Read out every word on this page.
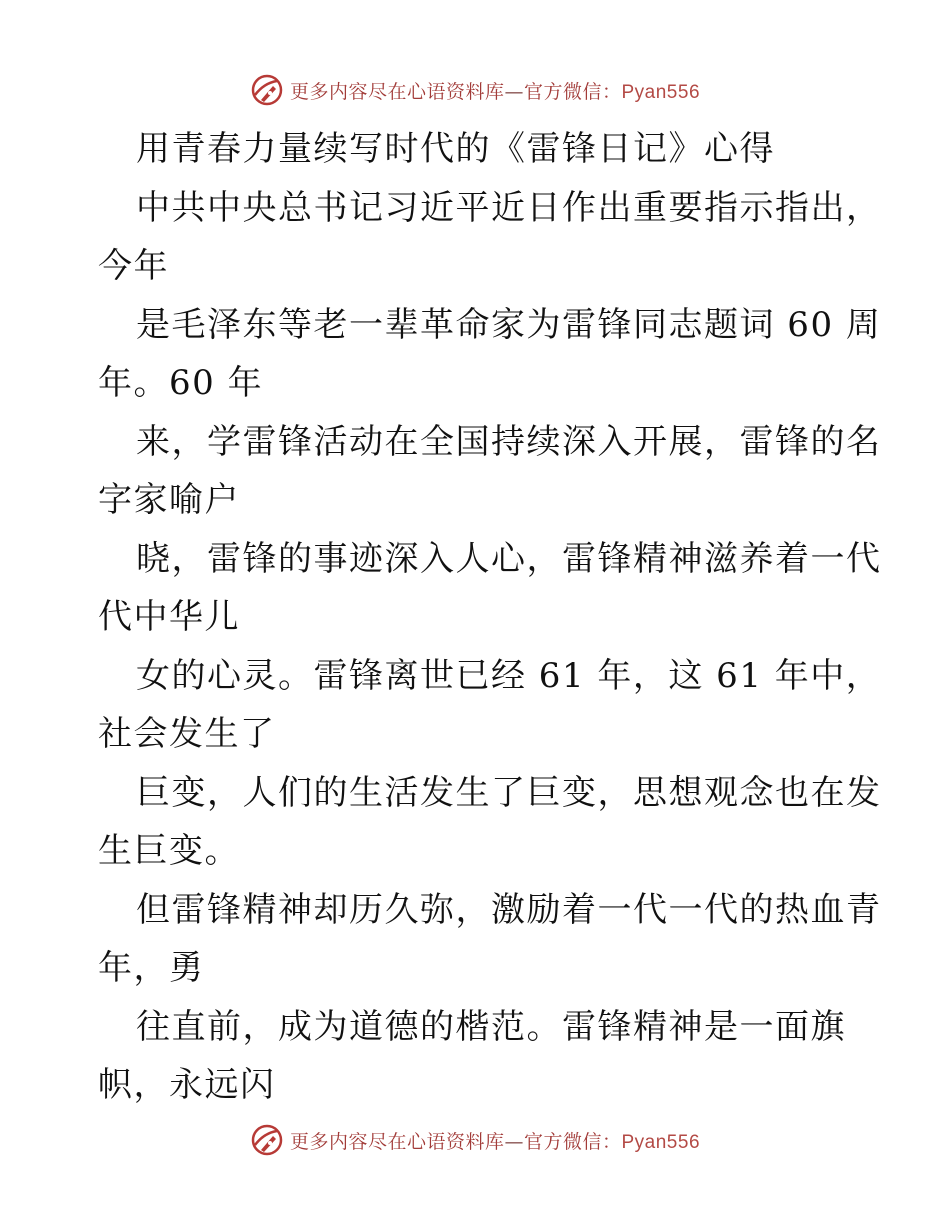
更多内容尽在心语资料库—官方微信：Pyan556
用青春力量续写时代的《雷锋日记》心得
中共中央总书记习近平近日作出重要指示指出，
今年
是毛泽东等老一辈革命家为雷锋同志题词 60 周
年。60 年
来，学雷锋活动在全国持续深入开展，雷锋的名
字家喻户
晓，雷锋的事迹深入人心，雷锋精神滋养着一代
代中华儿
女的心灵。雷锋离世已经 61 年，这 61 年中，
社会发生了
巨变，人们的生活发生了巨变，思想观念也在发
生巨变。
但雷锋精神却历久弥，激励着一代一代的热血青
年，勇
往直前，成为道德的楷范。雷锋精神是一面旗
帜，永远闪
更多内容尽在心语资料库—官方微信：Pyan556
